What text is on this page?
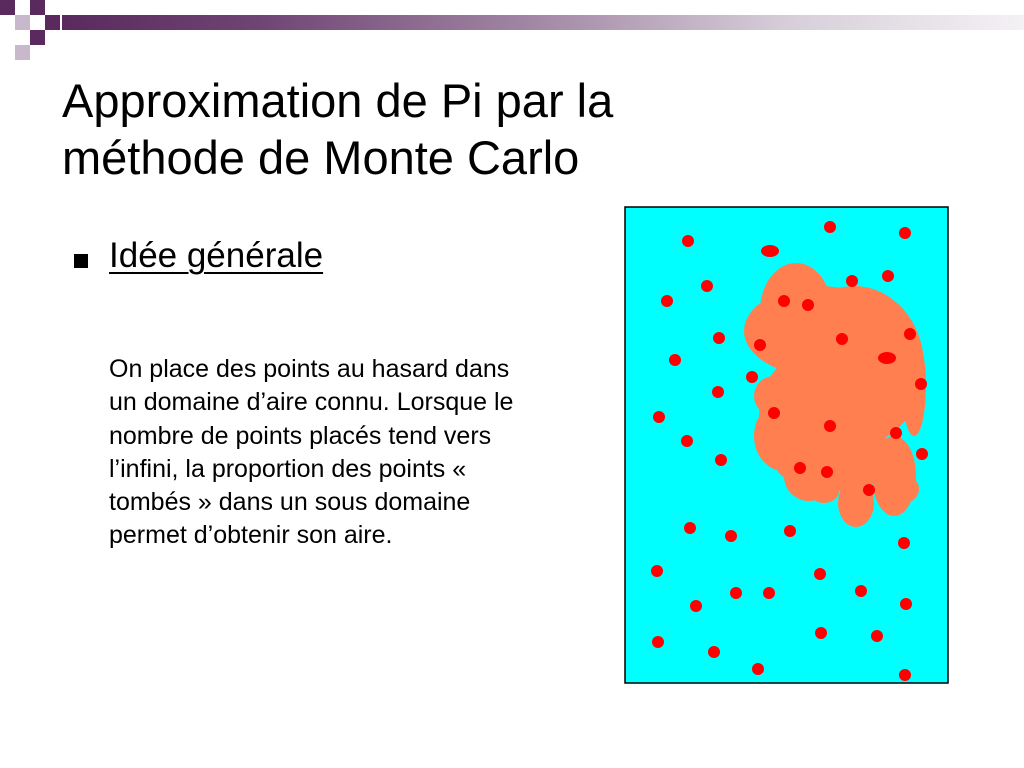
Approximation de Pi par la méthode de Monte Carlo
Idée générale

On place des points au hasard dans un domaine d’aire connu. Lorsque le nombre de points placés tend vers l’infini, la proportion des points « tombés » dans un sous domaine permet d’obtenir son aire.
